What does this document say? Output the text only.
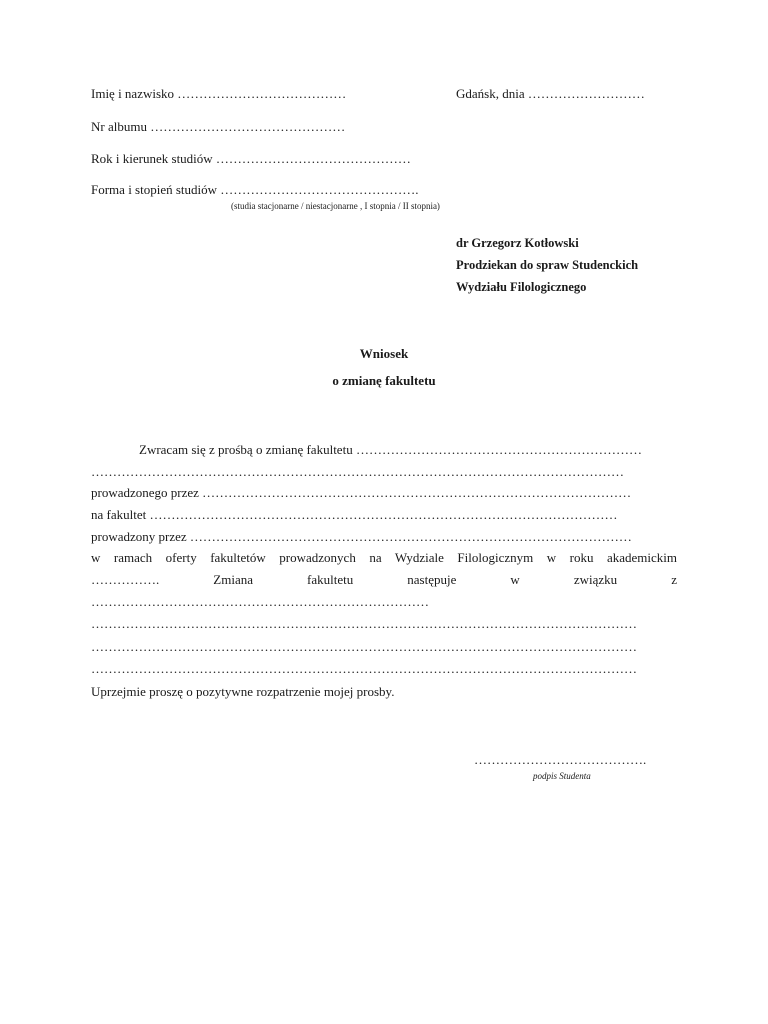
Imię i nazwisko …………………………………	Gdańsk, dnia ………………………
Nr albumu ………………………………………
Rok i kierunek studiów ………………………………………
Forma i stopień studiów ……………………………………….
(studia stacjonarne / niestacjonarne , I stopnia / II stopnia)
dr Grzegorz Kotłowski
Prodziekan do spraw Studenckich
Wydziału Filologicznego
Wniosek
o zmianę fakultetu
Zwracam się z prośbą o zmianę fakultetu …………………………………………………………
……………………………………………………………………………………………………………
prowadzonego przez ………………………………………………………………………………………
na fakultet ………………………………………………………………………………………………
prowadzony przez …………………………………………………………………………………………
w ramach oferty fakultetów prowadzonych na Wydziale Filologicznym w roku akademickim
……………. Zmiana fakultetu następuje w związku z
……………………………………………………………………
………………………………………………………………………………………………………………
………………………………………………………………………………………………………………
………………………………………………………………………………………………………………
Uprzejmie proszę o pozytywne rozpatrzenie mojej prosby.
………………………………….
podpis Studenta
